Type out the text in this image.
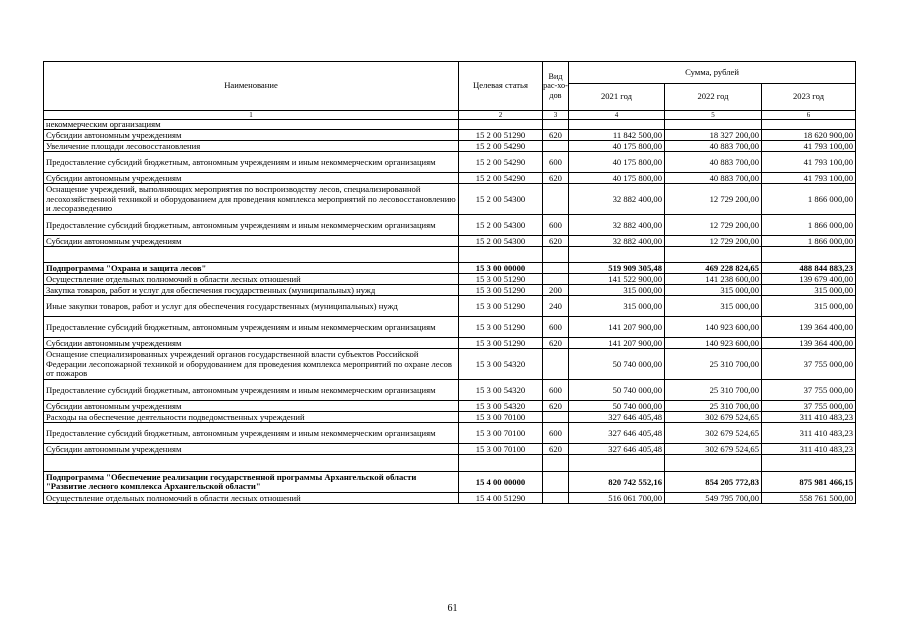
Наименование	Целевая статья	Вид рас-хо-дов	Сумма, рублей		
			2021 год	2022 год	2023 год
1	2	3	4	5	6
некоммерческим организациям					
Субсидии автономным учреждениям	15 2 00 51290	620	11 842 500,00	18 327 200,00	18 620 900,00
Увеличение площади лесовосстановления	15 2 00 54290		40 175 800,00	40 883 700,00	41 793 100,00
Предоставление субсидий бюджетным, автономным учреждениям и иным некоммерческим организациям	15 2 00 54290	600	40 175 800,00	40 883 700,00	41 793 100,00
Субсидии автономным учреждениям	15 2 00 54290	620	40 175 800,00	40 883 700,00	41 793 100,00
Оснащение учреждений, выполняющих мероприятия по воспроизводству лесов, специализированной лесохозяйственной техникой и оборудованием для проведения комплекса мероприятий по лесовосстановлению и лесоразведению	15 2 00 54300		32 882 400,00	12 729 200,00	1 866 000,00
Предоставление субсидий бюджетным, автономным учреждениям и иным некоммерческим организациям	15 2 00 54300	600	32 882 400,00	12 729 200,00	1 866 000,00
Субсидии автономным учреждениям	15 2 00 54300	620	32 882 400,00	12 729 200,00	1 866 000,00

Подпрограмма "Охрана и защита лесов"	15 3 00 00000		519 909 305,48	469 228 824,65	488 844 883,23
Осуществление отдельных полномочий в области лесных отношений	15 3 00 51290		141 522 900,00	141 238 600,00	139 679 400,00
Закупка товаров, работ и услуг для обеспечения государственных (муниципальных) нужд	15 3 00 51290	200	315 000,00	315 000,00	315 000,00
Иные закупки товаров, работ и услуг для обеспечения государственных (муниципальных) нужд	15 3 00 51290	240	315 000,00	315 000,00	315 000,00
Предоставление субсидий бюджетным, автономным учреждениям и иным некоммерческим организациям	15 3 00 51290	600	141 207 900,00	140 923 600,00	139 364 400,00
Субсидии автономным учреждениям	15 3 00 51290	620	141 207 900,00	140 923 600,00	139 364 400,00
Оснащение специализированных учреждений органов государственной власти субъектов Российской Федерации лесопожарной техникой и оборудованием для проведения комплекса мероприятий по охране лесов от пожаров	15 3 00 54320		50 740 000,00	25 310 700,00	37 755 000,00
Предоставление субсидий бюджетным, автономным учреждениям и иным некоммерческим организациям	15 3 00 54320	600	50 740 000,00	25 310 700,00	37 755 000,00
Субсидии автономным учреждениям	15 3 00 54320	620	50 740 000,00	25 310 700,00	37 755 000,00
Расходы на обеспечение деятельности подведомственных учреждений	15 3 00 70100		327 646 405,48	302 679 524,65	311 410 483,23
Предоставление субсидий бюджетным, автономным учреждениям и иным некоммерческим организациям	15 3 00 70100	600	327 646 405,48	302 679 524,65	311 410 483,23
Субсидии автономным учреждениям	15 3 00 70100	620	327 646 405,48	302 679 524,65	311 410 483,23

Подпрограмма "Обеспечение реализации государственной программы Архангельской области "Развитие лесного комплекса Архангельской области"	15 4 00 00000		820 742 552,16	854 205 772,83	875 981 466,15
Осуществление отдельных полномочий в области лесных отношений	15 4 00 51290		516 061 700,00	549 795 700,00	558 761 500,00
61
